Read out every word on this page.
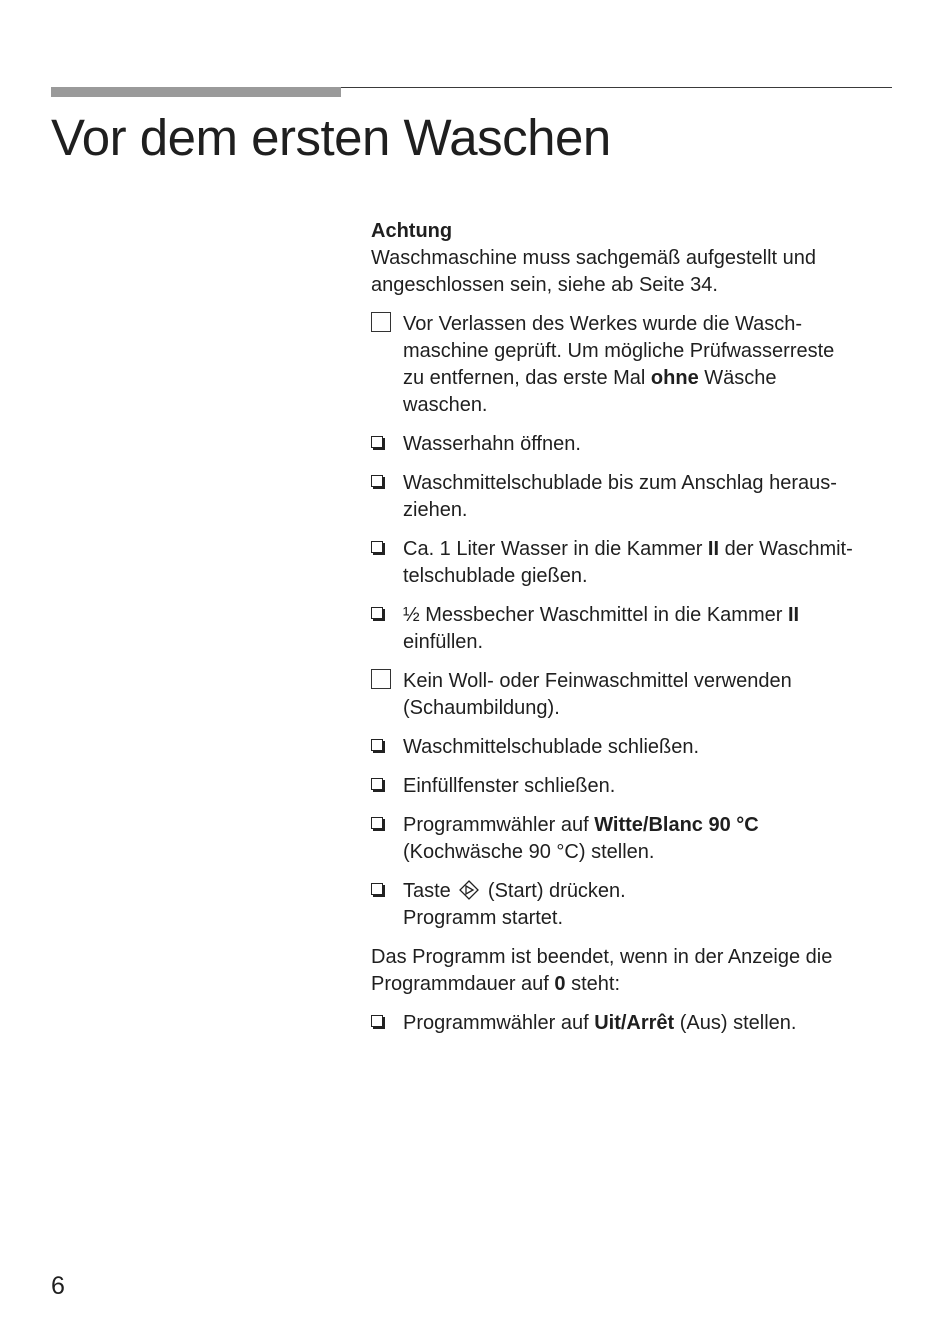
Vor dem ersten Waschen
Achtung
Waschmaschine muss sachgemäß aufgestellt und angeschlossen sein, siehe ab Seite 34.
Vor Verlassen des Werkes wurde die Wasch-
maschine geprüft. Um mögliche Prüfwasserreste
zu entfernen, das erste Mal ohne Wäsche
waschen.
Wasserhahn öffnen.
Waschmittelschublade bis zum Anschlag heraus-
ziehen.
Ca. 1 Liter Wasser in die Kammer II der Waschmit-
telschublade gießen.
½ Messbecher Waschmittel in die Kammer II
einfüllen.
Kein Woll- oder Feinwaschmittel verwenden
(Schaumbildung).
Waschmittelschublade schließen.
Einfüllfenster schließen.
Programmwähler auf Witte/Blanc 90 °C
(Kochwäsche 90 °C) stellen.
Taste  (Start) drücken.
Programm startet.
Das Programm ist beendet, wenn in der Anzeige die
Programmdauer auf 0 steht:
Programmwähler auf Uit/Arrêt (Aus) stellen.
6
